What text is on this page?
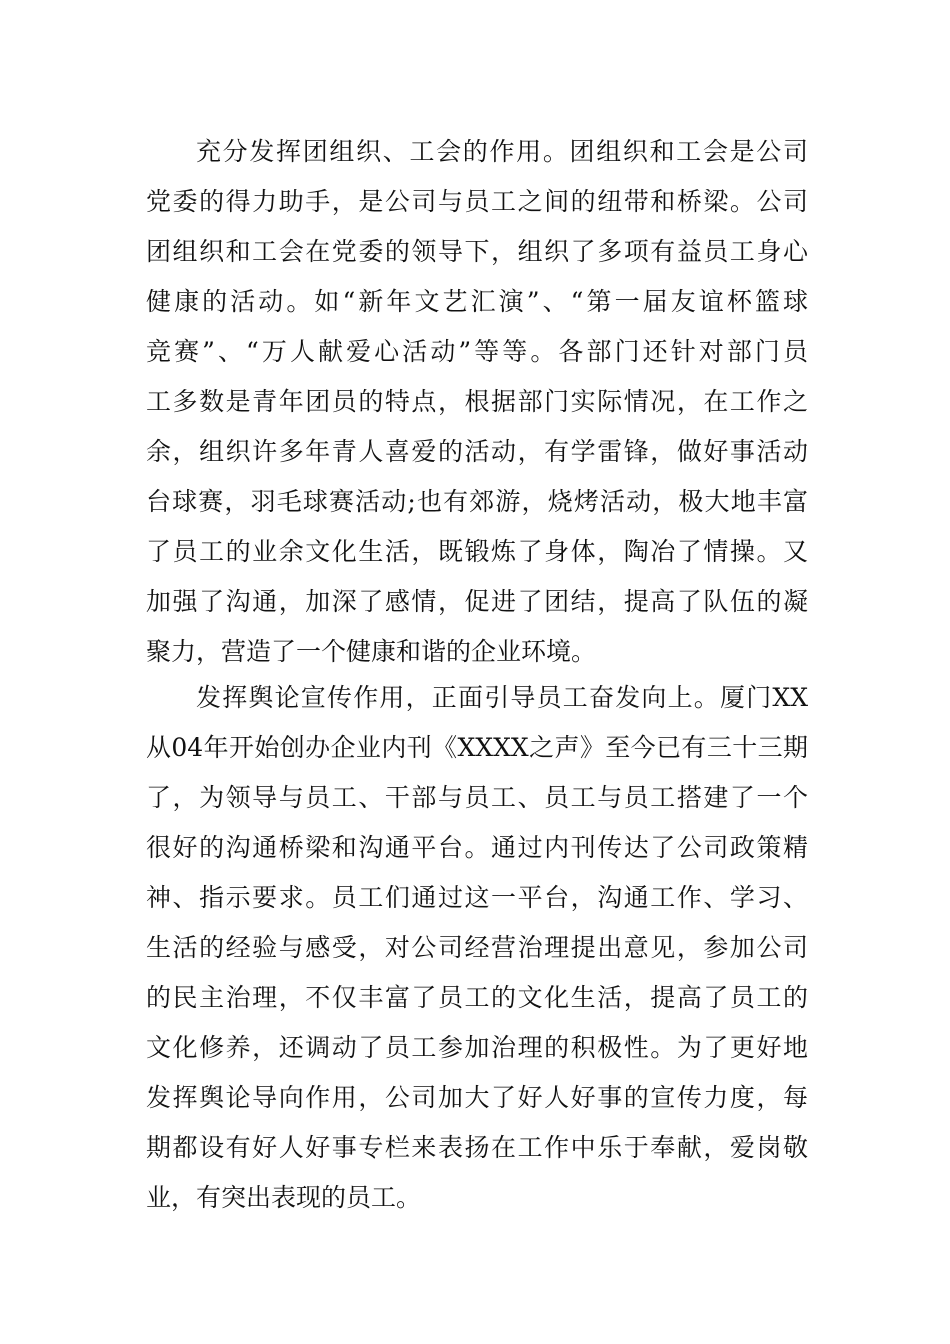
充分发挥团组织、工会的作用。团组织和工会是公司
党委的得力助手，是公司与员工之间的纽带和桥梁。公司
团组织和工会在党委的领导下，组织了多项有益员工身心
健康的活动。如“新年文艺汇演”、“第一届友谊杯篮球
竞赛”、“万人献爱心活动”等等。各部门还针对部门员
工多数是青年团员的特点，根据部门实际情况，在工作之
余，组织许多年青人喜爱的活动，有学雷锋，做好事活动
台球赛，羽毛球赛活动;也有郊游，烧烤活动，极大地丰富
了员工的业余文化生活，既锻炼了身体，陶冶了情操。又
加强了沟通，加深了感情，促进了团结，提高了队伍的凝
聚力，营造了一个健康和谐的企业环境。
发挥舆论宣传作用，正面引导员工奋发向上。厦门XX
从04年开始创办企业内刊《XXXX之声》至今已有三十三期
了，为领导与员工、干部与员工、员工与员工搭建了一个
很好的沟通桥梁和沟通平台。通过内刊传达了公司政策精
神、指示要求。员工们通过这一平台，沟通工作、学习、
生活的经验与感受，对公司经营治理提出意见，参加公司
的民主治理，不仅丰富了员工的文化生活，提高了员工的
文化修养，还调动了员工参加治理的积极性。为了更好地
发挥舆论导向作用，公司加大了好人好事的宣传力度，每
期都设有好人好事专栏来表扬在工作中乐于奉献，爱岗敬
业，有突出表现的员工。
